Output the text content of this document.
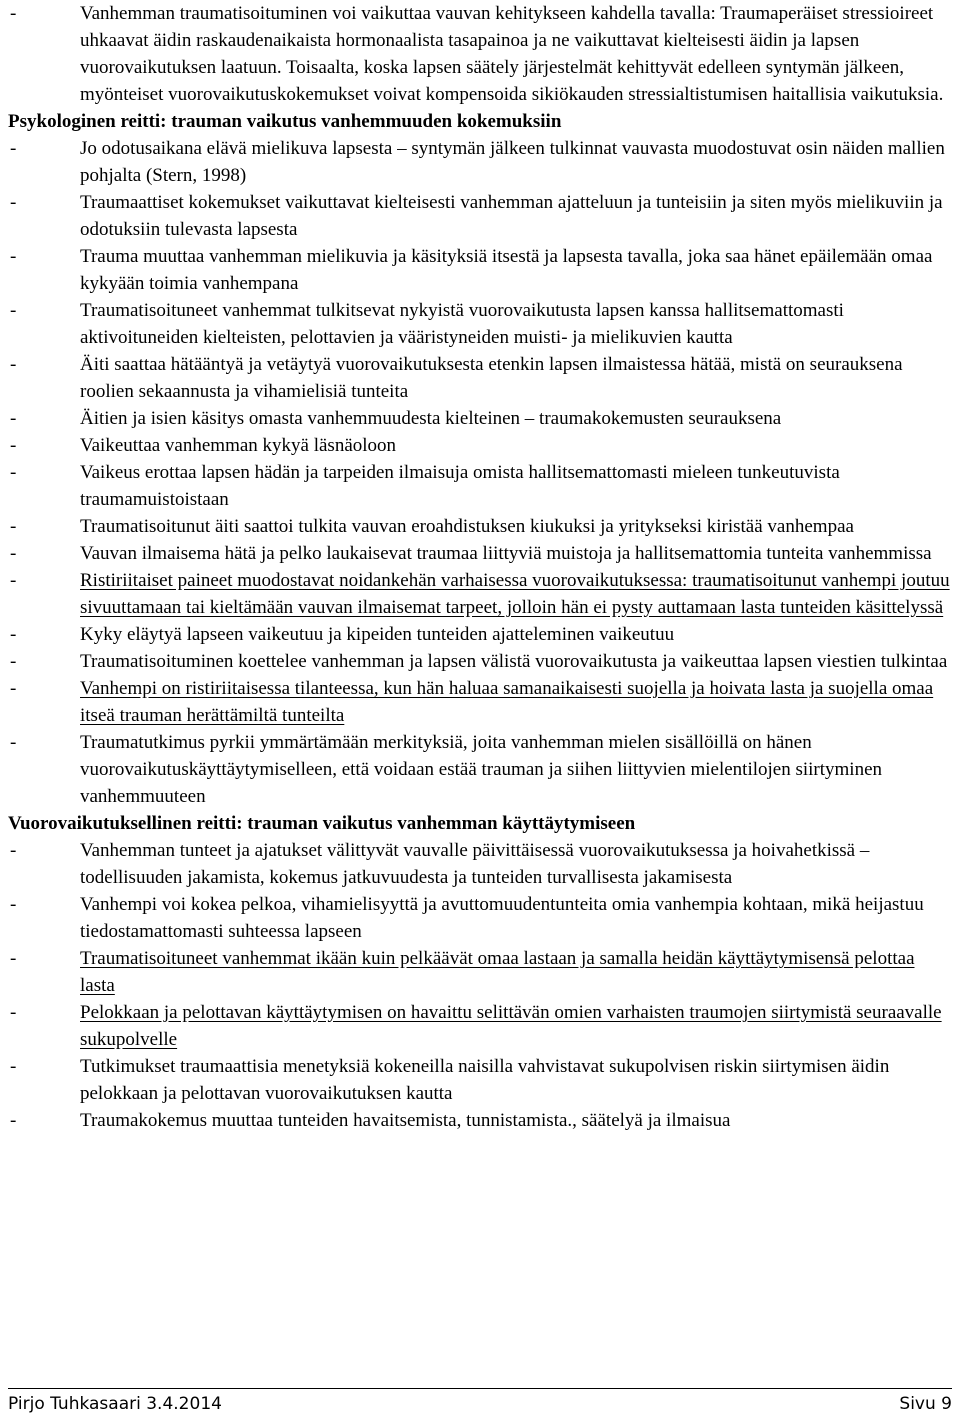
-	Vanhemman traumatisoituminen voi vaikuttaa vauvan kehitykseen kahdella tavalla: Traumaperäiset stressioireet uhkaavat äidin raskaudenaikaista hormonaalista tasapainoa ja ne vaikuttavat kielteisesti äidin ja lapsen vuorovaikutuksen laatuun. Toisaalta, koska lapsen säätely järjestelmät kehittyvät edelleen syntymän jälkeen, myönteiset vuorovaikutuskokemukset voivat kompensoida sikiökauden stressialtistumisen haitallisia vaikutuksia.
Psykologinen reitti: trauman vaikutus vanhemmuuden kokemuksiin
-	Jo odotusaikana elävä mielikuva lapsesta – syntymän jälkeen tulkinnat vauvasta muodostuvat osin näiden mallien pohjalta (Stern, 1998)
-	Traumaattiset kokemukset vaikuttavat kielteisesti vanhemman ajatteluun ja tunteisiin ja siten myös mielikuviin ja odotuksiin tulevasta lapsesta
-	Trauma muuttaa vanhemman mielikuvia ja käsityksiä itsestä ja lapsesta tavalla, joka saa hänet epäilemään omaa kykyään toimia vanhempana
-	Traumatisoituneet vanhemmat tulkitsevat nykyistä vuorovaikutusta lapsen kanssa hallitsemattomasti aktivoituneiden kielteisten, pelottavien ja vääristyneiden muisti- ja mielikuvien kautta
-	Äiti saattaa hätääntyä ja vetäytyä vuorovaikutuksesta etenkin lapsen ilmaistessa hätää, mistä on seurauksena roolien sekaannusta ja vihamielisiä tunteita
-	Äitien ja isien käsitys omasta vanhemmuudesta kielteinen – traumakokemusten seurauksena
-	Vaikeuttaa vanhemman kykyä läsnäoloon
-	Vaikeus erottaa lapsen hädän ja tarpeiden ilmaisuja omista hallitsemattomasti mieleen tunkeutuvista traumamuistoistaan
-	Traumatisoitunut äiti saattoi tulkita vauvan eroahdistuksen kiukuksi ja yritykseksi kiristää vanhempaa
-	Vauvan ilmaisema hätä ja pelko laukaisevat traumaa liittyviä muistoja ja hallitsemattomia tunteita vanhemmissa
-	Ristiriitaiset paineet muodostavat noidankehän varhaisessa vuorovaikutuksessa: traumatisoitunut vanhempi joutuu sivuuttamaan tai kieltämään vauvan ilmaisemat tarpeet, jolloin hän ei pysty auttamaan lasta tunteiden käsittelyssä
-	Kyky eläytyä lapseen vaikeutuu ja kipeiden tunteiden ajatteleminen vaikeutuu
-	Traumatisoituminen koettelee vanhemman ja lapsen välistä vuorovaikutusta ja vaikeuttaa lapsen viestien tulkintaa
-	Vanhempi on ristiriitaisessa tilanteessa, kun hän haluaa samanaikaisesti suojella ja hoivata lasta ja suojella omaa itseä trauman herättämiltä tunteilta
-	Traumatutkimus pyrkii ymmärtämään merkityksiä, joita vanhemman mielen sisällöillä on hänen vuorovaikutuskäyttäytymiselleen, että voidaan estää trauman ja siihen liittyvien mielentilojen siirtyminen vanhemmuuteen
Vuorovaikutuksellinen reitti: trauman vaikutus vanhemman käyttäytymiseen
-	Vanhemman tunteet ja ajatukset välittyvät vauvalle päivittäisessä vuorovaikutuksessa ja hoivahetkissä – todellisuuden jakamista, kokemus jatkuvuudesta ja tunteiden turvallisesta jakamisesta
-	Vanhempi voi kokea pelkoa, vihamielisyyttä ja avuttomuudentunteita omia vanhempia kohtaan, mikä heijastuu tiedostamattomasti suhteessa lapseen
-	Traumatisoituneet vanhemmat ikään kuin pelkäävät omaa lastaan ja samalla heidän käyttäytymisensä pelottaa lasta
-	Pelokkaan ja pelottavan käyttäytymisen on havaittu selittävän omien varhaisten traumojen siirtymistä seuraavalle sukupolvelle
-	Tutkimukset traumaattisia menetyksiä kokeneilla naisilla vahvistavat sukupolvisen riskin siirtymisen äidin pelokkaan ja pelottavan vuorovaikutuksen kautta
-	Traumakokemus muuttaa tunteiden havaitsemista, tunnistamista., säätelyä ja ilmaisua
Pirjo Tuhkasaari 3.4.2014	Sivu 9
